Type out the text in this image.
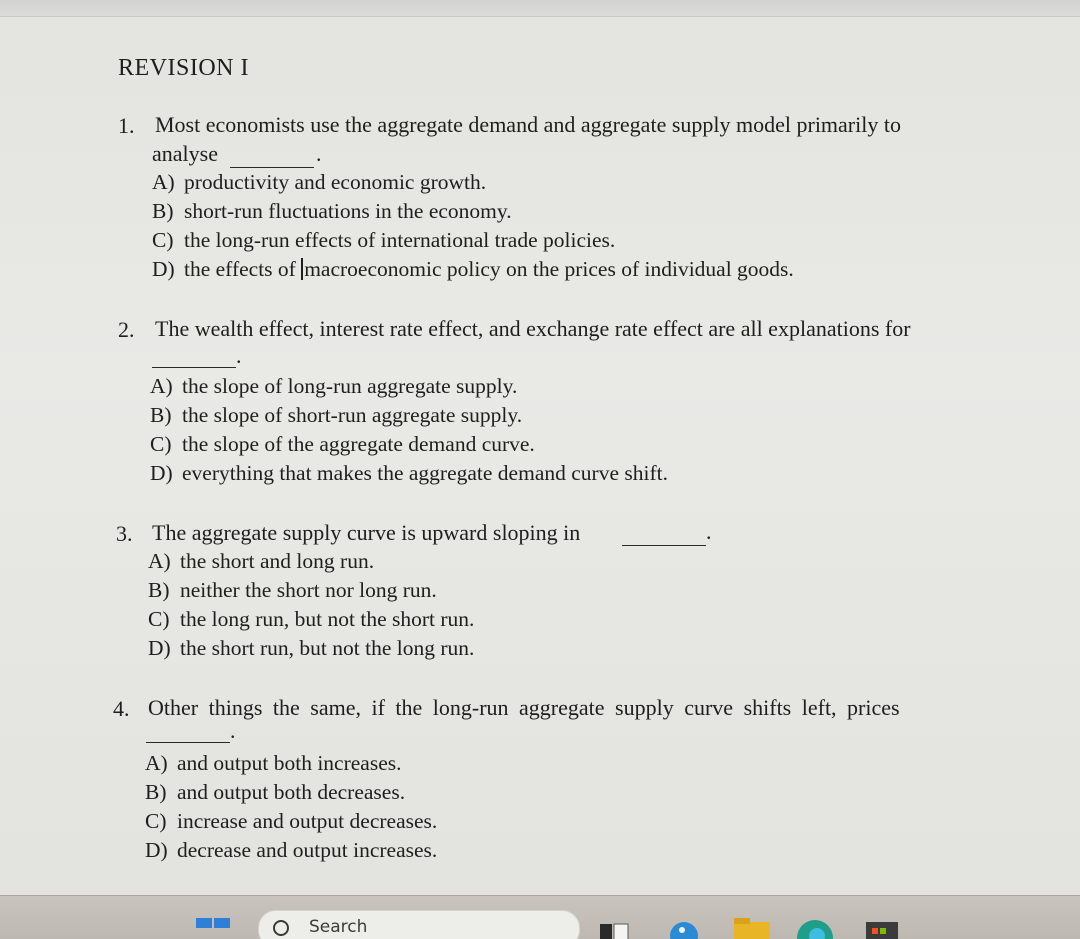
REVISION I
1. Most economists use the aggregate demand and aggregate supply model primarily to
analyse	.
A) productivity and economic growth.
B) short-run fluctuations in the economy.
C) the long-run effects of international trade policies.
D) the effects of macroeconomic policy on the prices of individual goods.
2. The wealth effect, interest rate effect, and exchange rate effect are all explanations for
.
A) the slope of long-run aggregate supply.
B) the slope of short-run aggregate supply.
C) the slope of the aggregate demand curve.
D) everything that makes the aggregate demand curve shift.
3. The aggregate supply curve is upward sloping in	.
A) the short and long run.
B) neither the short nor long run.
C) the long run, but not the short run.
D) the short run, but not the long run.
4. Other things the same, if the long-run aggregate supply curve shifts left, prices
.
A) and output both increases.
B) and output both decreases.
C) increase and output decreases.
D) decrease and output increases.
Search
